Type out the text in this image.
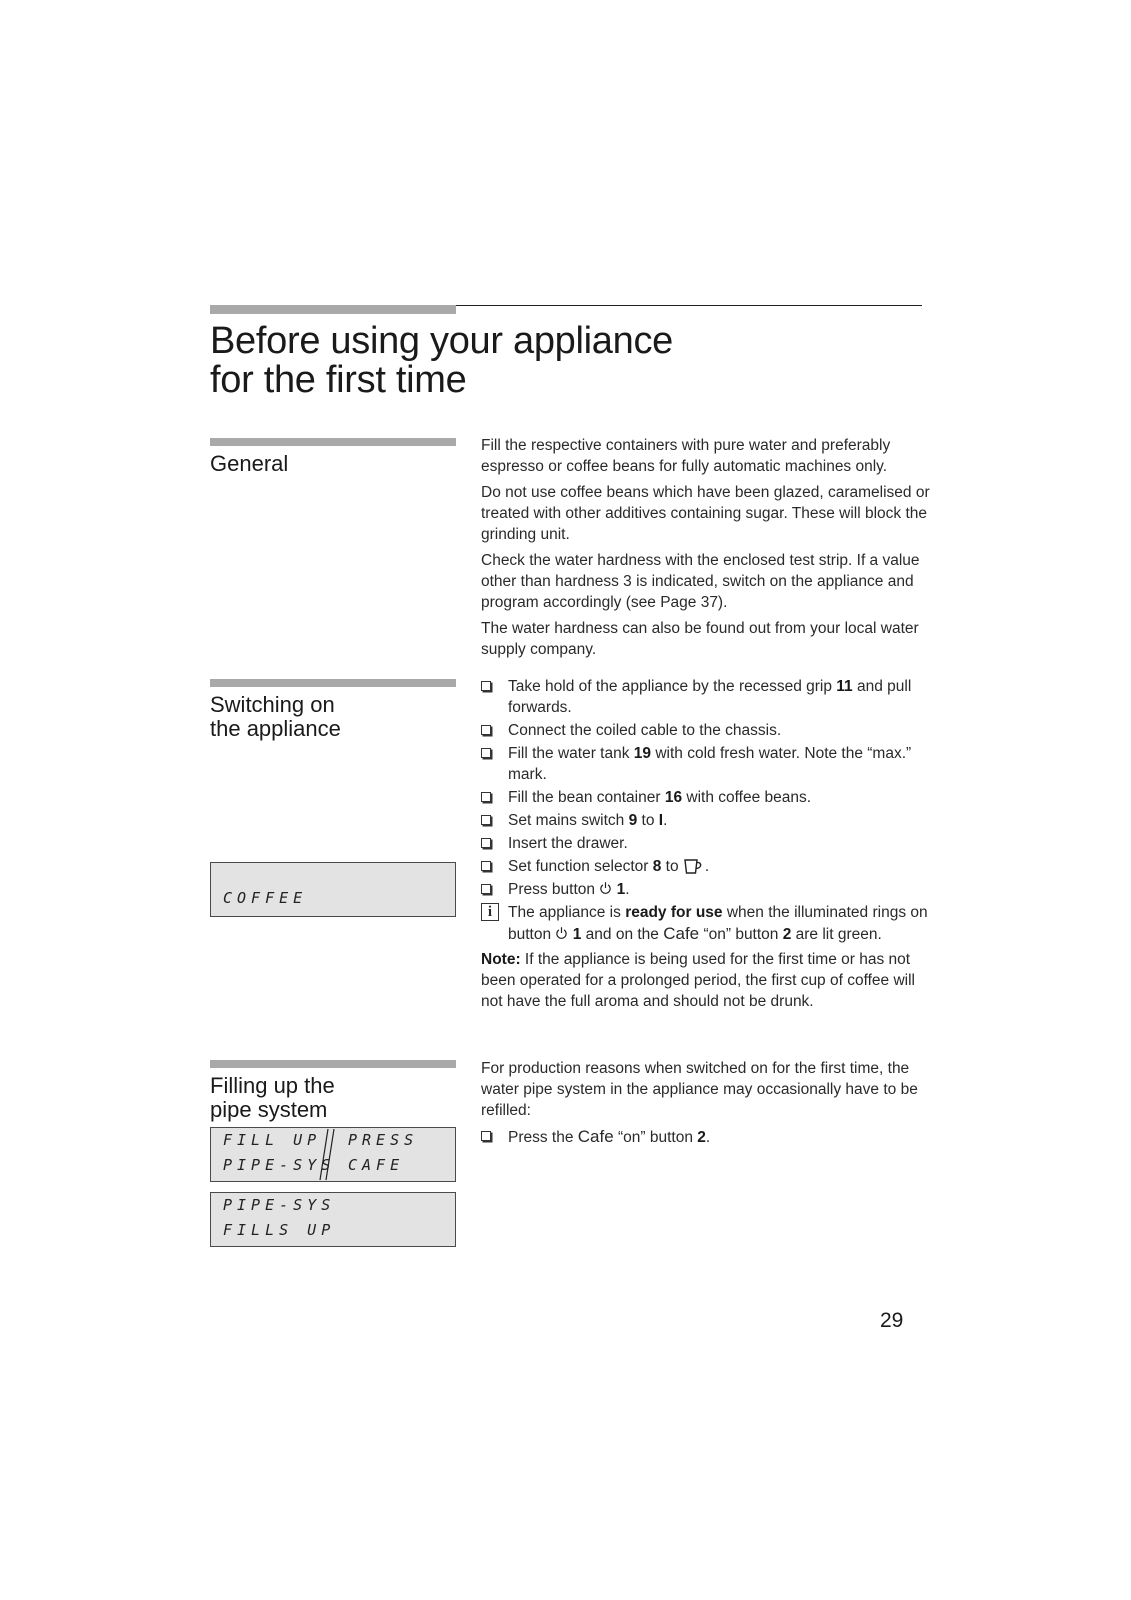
Before using your appliance
for the first time
General

Fill the respective containers with pure water and preferably espresso or coffee beans for fully automatic machines only.

Do not use coffee beans which have been glazed, caramelised or treated with other additives containing sugar. These will block the grinding unit.

Check the water hardness with the enclosed test strip. If a value other than hardness 3 is indicated, switch on the appliance and program accordingly (see Page 37).

The water hardness can also be found out from your local water supply company.

Switching on
the appliance
COFFEE
Take hold of the appliance by the recessed grip 11 and pull forwards.
Connect the coiled cable to the chassis.
Fill the water tank 19 with cold fresh water. Note the “max.” mark.
Fill the bean container 16 with coffee beans.
Set mains switch 9 to I.
Insert the drawer.
Set function selector 8 to .
Press button  1.
i	The appliance is ready for use when the illuminated rings on button  1 and on the Cafe “on” button 2 are lit green.

Note: If the appliance is being used for the first time or has not been operated for a prolonged period, the first cup of coffee will not have the full aroma and should not be drunk.

Filling up the
pipe system
FILL UP
PIPE-SYS
PRESS
CAFE
PIPE-SYS
FILLS UP

For production reasons when switched on for the first time, the water pipe system in the appliance may occasionally have to be refilled:

Press the Cafe “on” button 2.
29
